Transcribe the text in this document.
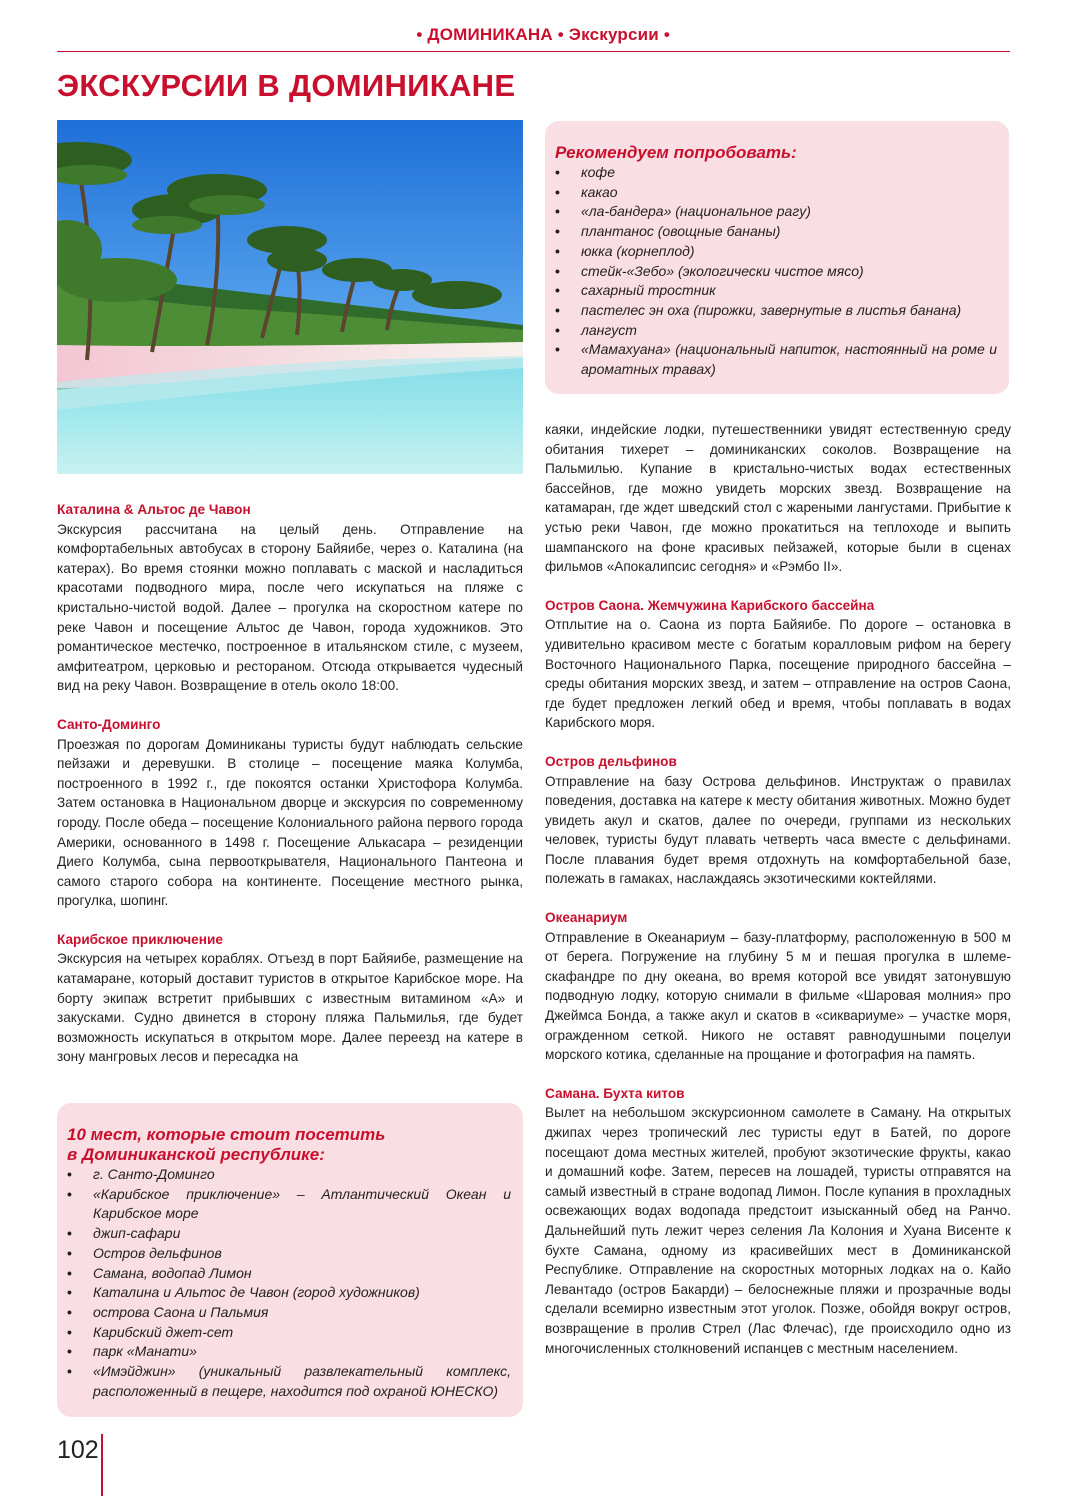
• ДОМИНИКАНА • Экскурсии •
ЭКСКУРСИИ В ДОМИНИКАНЕ
Рекомендуем попробовать:
• кофе
• какао
• «ла-бандера» (национальное рагу)
• плантанос (овощные бананы)
• юкка (корнеплод)
• стейк-«Зебо» (экологически чистое мясо)
• сахарный тростник
• пастелес эн оха (пирожки, завернутые в листья банана)
• лангуст
• «Мамахуана» (национальный напиток, настоянный на роме и ароматных травах)
Каталина & Альтос де Чавон

Экскурсия рассчитана на целый день. Отправление на комфортабельных автобусах в сторону Байяибе, через о. Каталина (на катерах). Во время стоянки можно поплавать с маской и насладиться красотами подводного мира, после чего искупаться на пляже с кристально-чистой водой. Далее – прогулка на скоростном катере по реке Чавон и посещение Альтос де Чавон, города художников. Это романтическое местечко, построенное в итальянском стиле, с музеем, амфитеатром, церковью и рестораном. Отсюда открывается чудесный вид на реку Чавон. Возвращение в отель около 18:00.

Санто-Доминго

Проезжая по дорогам Доминиканы туристы будут наблюдать сельские пейзажи и деревушки. В столице – посещение маяка Колумба, построенного в 1992 г., где покоятся останки Христофора Колумба. Затем остановка в Национальном дворце и экскурсия по современному городу. После обеда – посещение Колониального района первого города Америки, основанного в 1498 г. Посещение Алькасара – резиденции Диего Колумба, сына первооткрывателя, Национального Пантеона и самого старого собора на континенте. Посещение местного рынка, прогулка, шопинг.

Карибское приключение

Экскурсия на четырех кораблях. Отъезд в порт Байяибе, размещение на катамаране, который доставит туристов в открытое Карибское море. На борту экипаж встретит прибывших с известным витамином «А» и закусками. Судно двинется в сторону пляжа Пальмилья, где будет возможность искупаться в открытом море. Далее переезд на катере в зону мангровых лесов и пересадка на

10 мест, которые стоит посетить
в Доминиканской республике:
• г. Санто-Доминго
• «Карибское приключение» – Атлантический Океан и Карибское море
• джип-сафари
• Остров дельфинов
• Самана, водопад Лимон
• Каталина и Альтос де Чавон (город художников)
• острова Саона и Пальмия
• Карибский джет-сет
• парк «Манати»
• «Имэйджин» (уникальный развлекательный комплекс, расположенный в пещере, находится под охраной ЮНЕСКО)

каяки, индейские лодки, путешественники увидят естественную среду обитания тихерет – доминиканских соколов. Возвращение на Пальмилью. Купание в кристально-чистых водах естественных бассейнов, где можно увидеть морских звезд. Возвращение на катамаран, где ждет шведский стол с жареными лангустами. Прибытие к устью реки Чавон, где можно прокатиться на теплоходе и выпить шампанского на фоне красивых пейзажей, которые были в сценах фильмов «Апокалипсис сегодня» и «Рэмбо II».

Остров Саона. Жемчужина Карибского бассейна

Отплытие на о. Саона из порта Байяибе. По дороге – остановка в удивительно красивом месте с богатым коралловым рифом на берегу Восточного Национального Парка, посещение природного бассейна – среды обитания морских звезд, и затем – отправление на остров Саона, где будет предложен легкий обед и время, чтобы поплавать в водах Карибского моря.

Остров дельфинов

Отправление на базу Острова дельфинов. Инструктаж о правилах поведения, доставка на катере к месту обитания животных. Можно будет увидеть акул и скатов, далее по очереди, группами из нескольких человек, туристы будут плавать четверть часа вместе с дельфинами. После плавания будет время отдохнуть на комфортабельной базе, полежать в гамаках, наслаждаясь экзотическими коктейлями.

Океанариум

Отправление в Океанариум – базу-платформу, расположенную в 500 м от берега. Погружение на глубину 5 м и пешая прогулка в шлеме-скафандре по дну океана, во время которой все увидят затонувшую подводную лодку, которую снимали в фильме «Шаровая молния» про Джеймса Бонда, а также акул и скатов в «сиквариуме» – участке моря, огражденном сеткой. Никого не оставят равнодушными поцелуи морского котика, сделанные на прощание и фотография на память.

Самана. Бухта китов

Вылет на небольшом экскурсионном самолете в Саману. На открытых джипах через тропический лес туристы едут в Батей, по дороге посещают дома местных жителей, пробуют экзотические фрукты, какао и домашний кофе. Затем, пересев на лошадей, туристы отправятся на самый известный в стране водопад Лимон. После купания в прохладных освежающих водах водопада предстоит изысканный обед на Ранчо. Дальнейший путь лежит через селения Ла Колония и Хуана Висенте к бухте Самана, одному из красивейших мест в Доминиканской Республике. Отправление на скоростных моторных лодках на о. Кайо Левантадо (остров Бакарди) – белоснежные пляжи и прозрачные воды сделали всемирно известным этот уголок. Позже, обойдя вокруг остров, возвращение в пролив Стрел (Лас Флечас), где происходило одно из многочисленных столкновений испанцев с местным населением.

102
